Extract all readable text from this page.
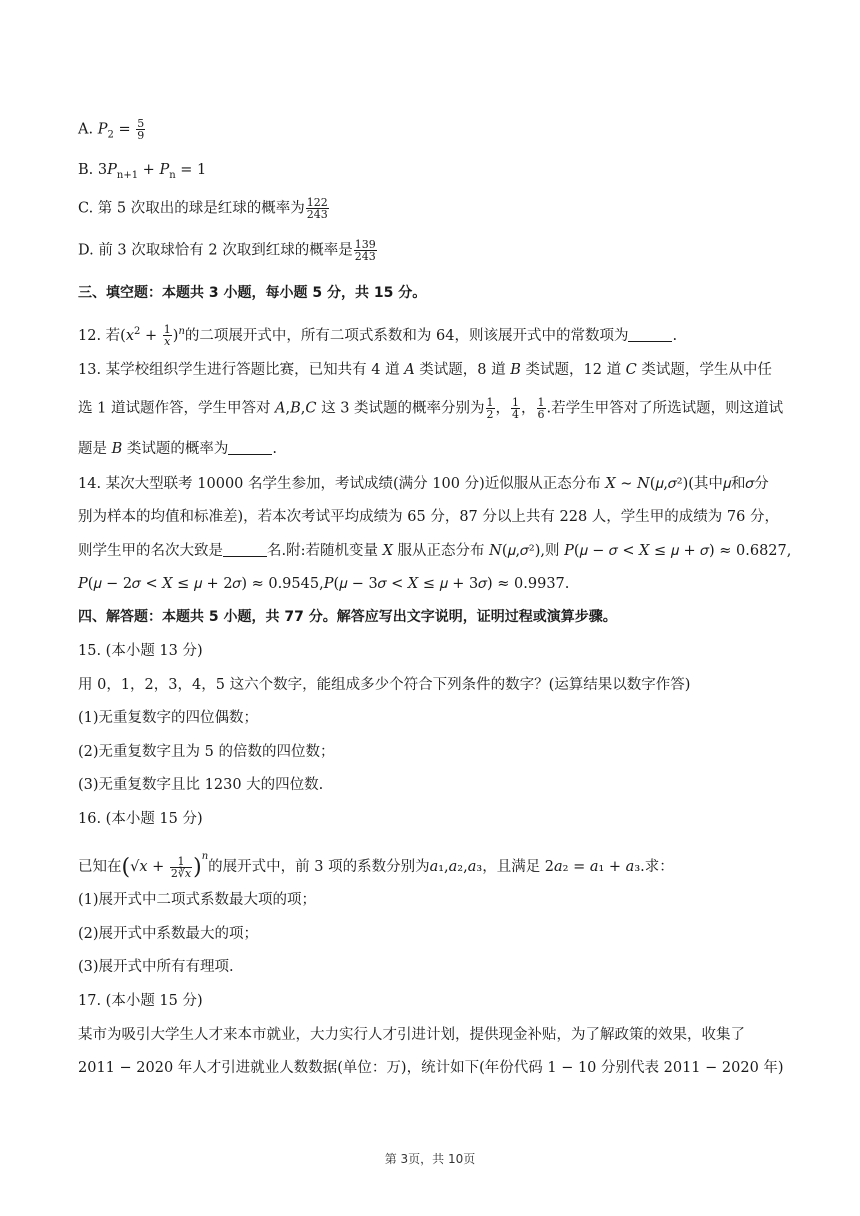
A. $P_2 = \frac{5}{9}$
B. $3P_{n+1} + P_n = 1$
C. 第 5 次取出的球是红球的概率为 $\frac{122}{243}$
D. 前 3 次取球恰有 2 次取到红球的概率是 $\frac{139}{243}$
三、填空题：本题共 3 小题，每小题 5 分，共 15 分。
12. 若$(x^2 + \frac{1}{x} )^n$的二项展开式中，所有二项式系数和为 64，则该展开式中的常数项为	.
13. 某学校组织学生进行答题比赛，已知共有 4 道 𝐴 类试题，8 道 𝐵 类试题，12 道 𝐶 类试题，学生从中任
选 1 道试题作答，学生甲答对 𝐴,𝐵,𝐶 这 3 类试题的概率分别为 $\frac{1}{2}$ ， $\frac{1}{4}$ ， $\frac{1}{6}$ .若学生甲答对了所选试题，则这道试
题是 𝐵 类试题的概率为	.
14. 某次大型联考 10000 名学生参加，考试成绩(满分 100 分)近似服从正态分布 𝑋 ∼ 𝑁(𝜇,𝜎²)(其中𝜇和𝜎分
别为样本的均值和标准差)，若本次考试平均成绩为 65 分，87 分以上共有 228 人，学生甲的成绩为 76 分，
则学生甲的名次大致是	名.附:若随机变量 𝑋 服从正态分布 𝑁(𝜇,𝜎²),则 𝑃(𝜇 − 𝜎 < 𝑋 ≤ 𝜇 + 𝜎) ≈ 0.6827,
𝑃(𝜇 − 2𝜎 < 𝑋 ≤ 𝜇 + 2𝜎) ≈ 0.9545,𝑃(𝜇 − 3𝜎 < 𝑋 ≤ 𝜇 + 3𝜎) ≈ 0.9937.
四、解答题：本题共 5 小题，共 77 分。解答应写出文字说明，证明过程或演算步骤。
15. (本小题 13 分)
用 0，1，2，3，4，5 这六个数字，能组成多少个符合下列条件的数字？(运算结果以数字作答)
(1)无重复数字的四位偶数；
(2)无重复数字且为 5 的倍数的四位数；
(3)无重复数字且比 1230 大的四位数.
16. (本小题 15 分)
已知在(√𝑥 + $\frac{1}{\text{2∛𝑥}} )^n$的展开式中，前 3 项的系数分别为𝑎₁,𝑎₂,𝑎₃，且满足 2𝑎₂ = 𝑎₁ + 𝑎₃.求：
(1)展开式中二项式系数最大项的项；
(2)展开式中系数最大的项；
(3)展开式中所有有理项.
17. (本小题 15 分)
某市为吸引大学生人才来本市就业，大力实行人才引进计划，提供现金补贴，为了解政策的效果，收集了
2011 − 2020 年人才引进就业人数数据(单位：万)，统计如下(年份代码 1 − 10 分别代表 2011 − 2020 年)
第 3页，共 10页
